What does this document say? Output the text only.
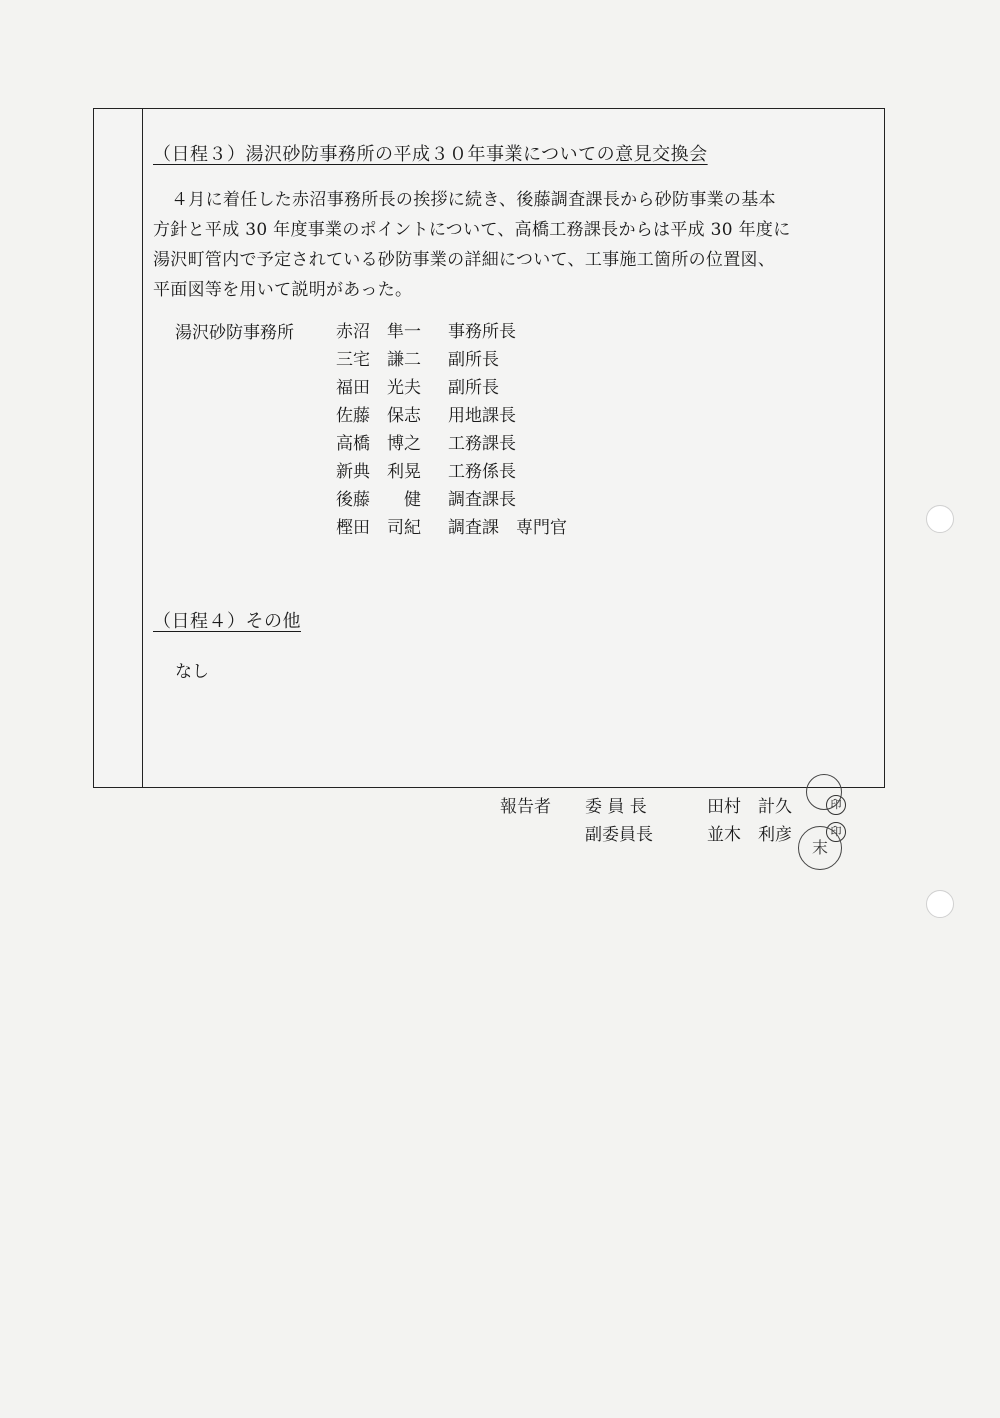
（日程３）湯沢砂防事務所の平成３０年事業についての意見交換会

４月に着任した赤沼事務所長の挨拶に続き、後藤調査課長から砂防事業の基本

方針と平成 30 年度事業のポイントについて、高橋工務課長からは平成 30 年度に

湯沢町管内で予定されている砂防事業の詳細について、工事施工箇所の位置図、

平面図等を用いて説明があった。

湯沢砂防事務所 赤沼　隼一	事務所長
三宅　謙二	副所長
福田　光夫	副所長
佐藤　保志	用地課長
高橋　博之	工務課長
新典　利晃	工務係長
後藤　　健	調査課長
樫田　司紀	調査課　専門官
（日程４）その他
なし
報告者 委 員 長	田村　計久	印
副委員長	並木　利彦	印
末
